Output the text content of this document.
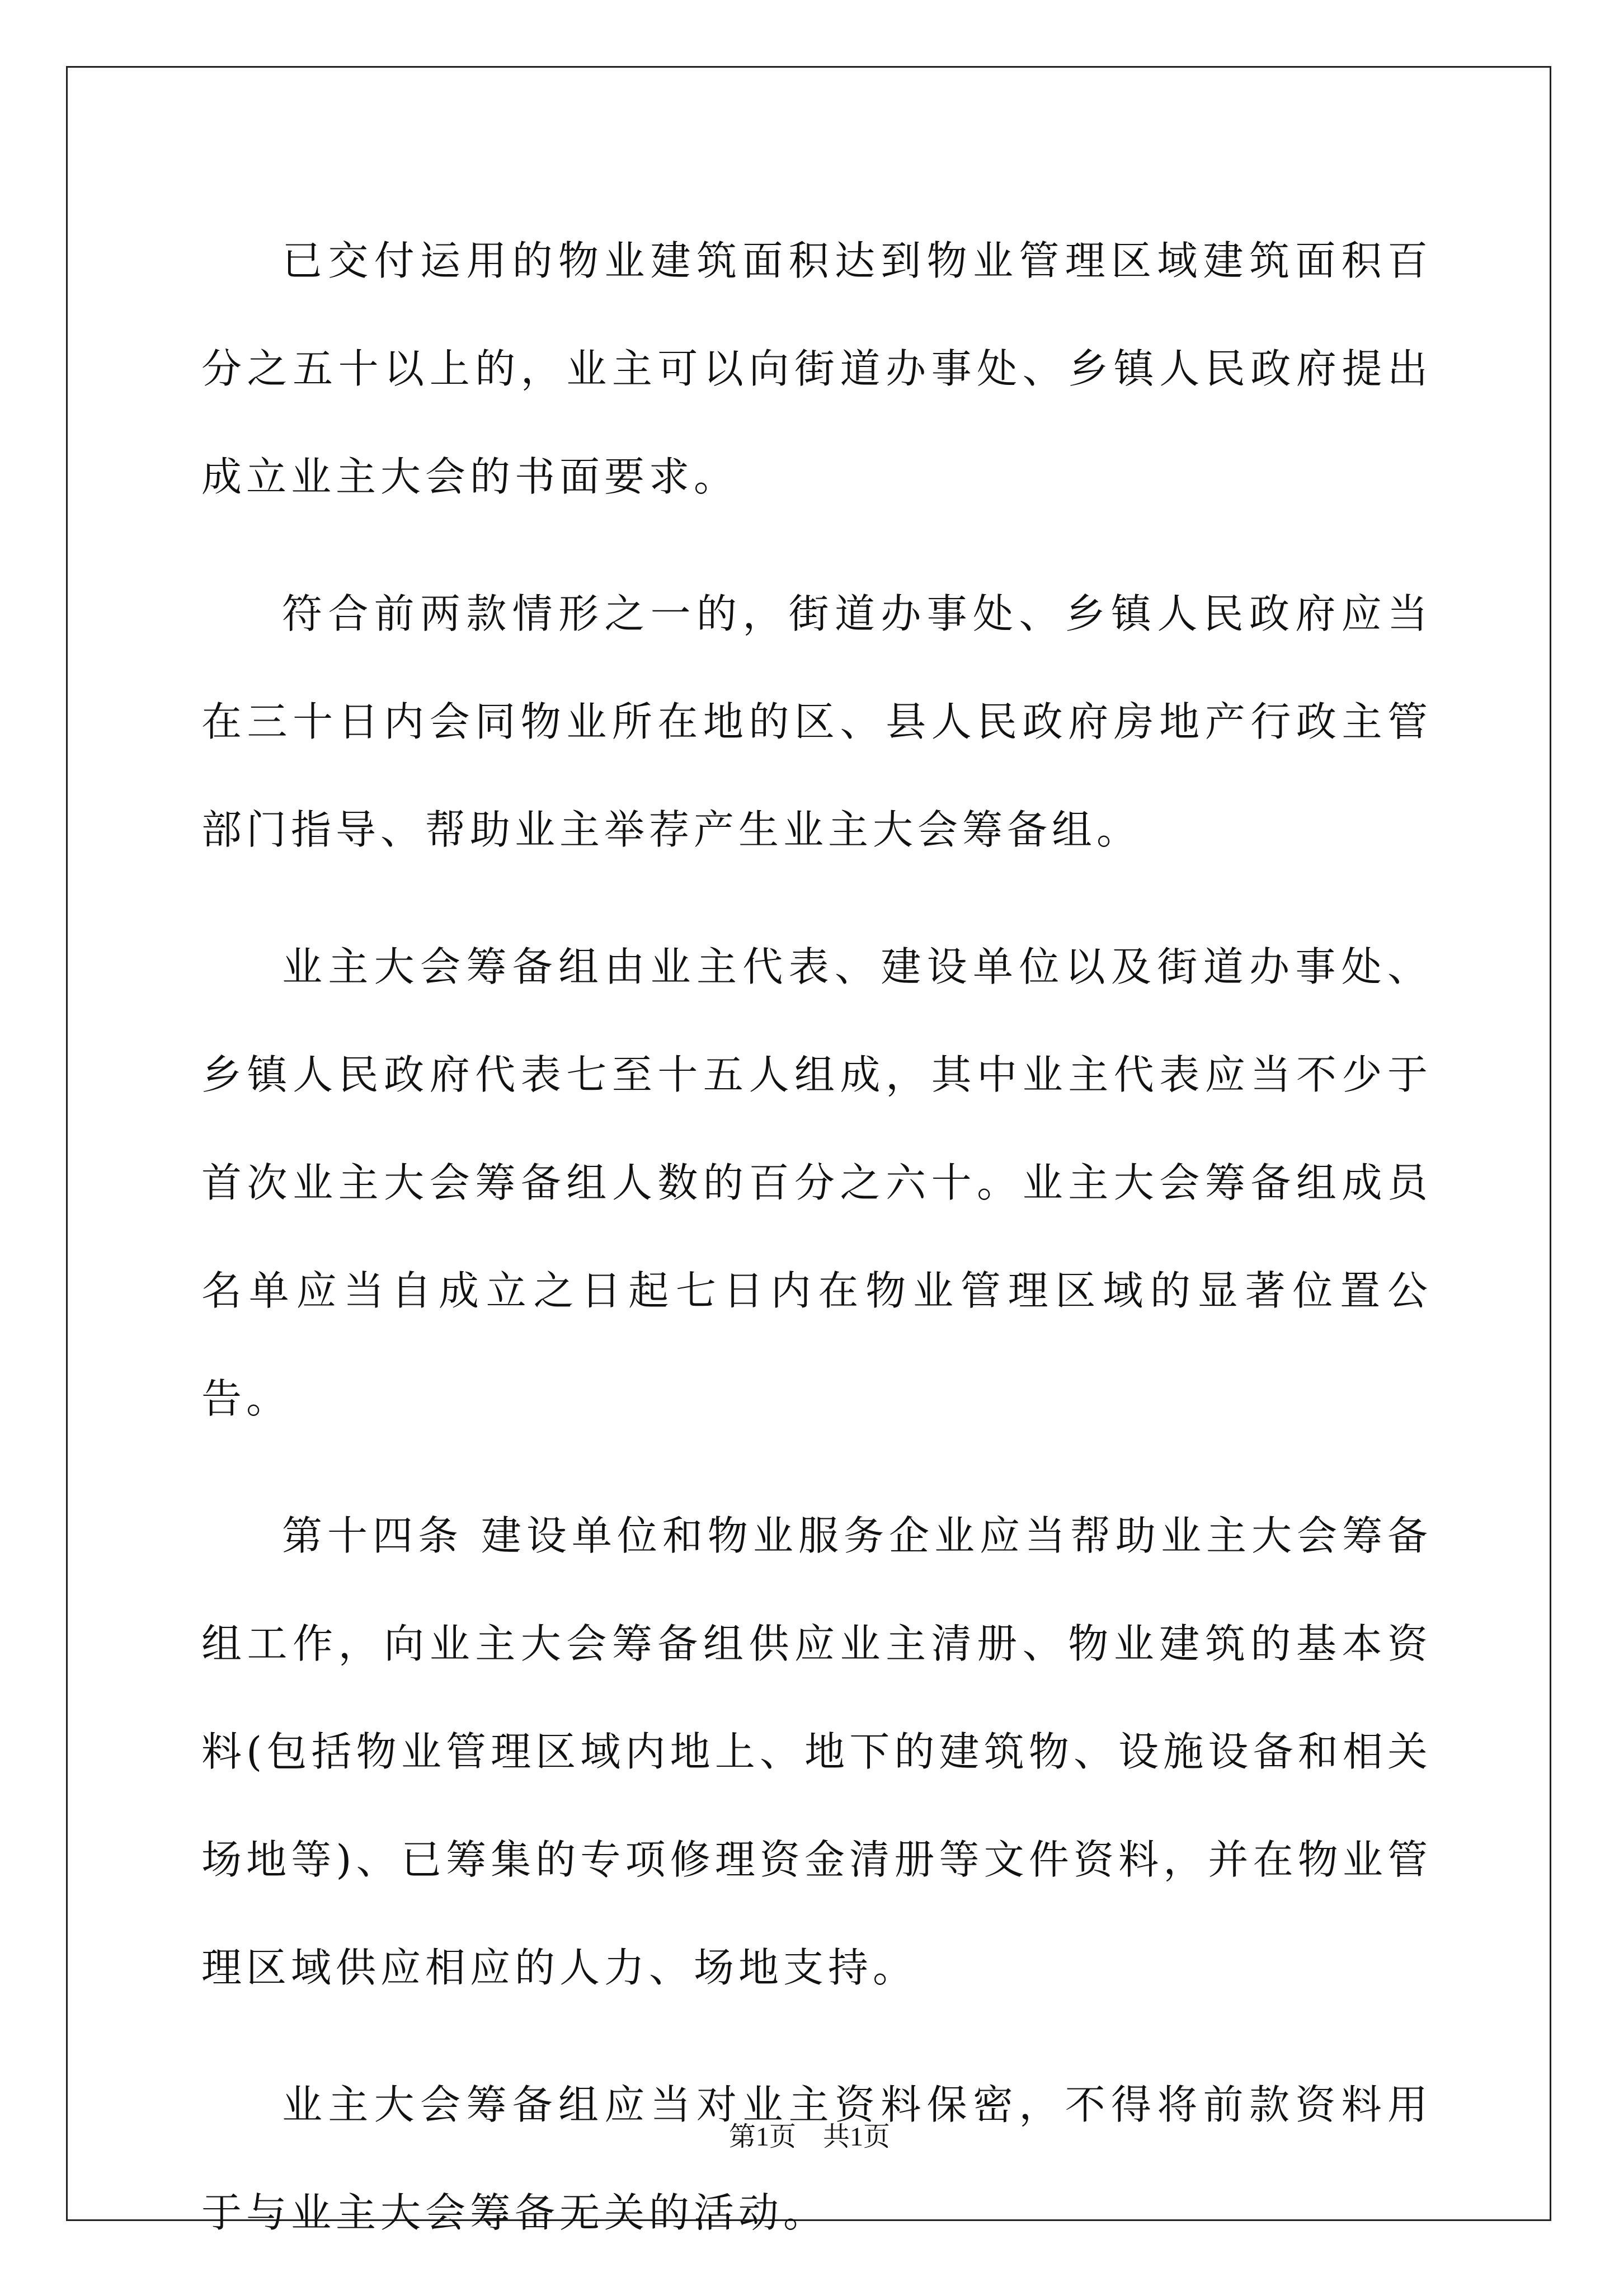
已交付运用的物业建筑面积达到物业管理区域建筑面积百分之五十以上的，业主可以向街道办事处、乡镇人民政府提出成立业主大会的书面要求。

符合前两款情形之一的，街道办事处、乡镇人民政府应当在三十日内会同物业所在地的区、县人民政府房地产行政主管部门指导、帮助业主举荐产生业主大会筹备组。

业主大会筹备组由业主代表、建设单位以及街道办事处、乡镇人民政府代表七至十五人组成，其中业主代表应当不少于首次业主大会筹备组人数的百分之六十。业主大会筹备组成员名单应当自成立之日起七日内在物业管理区域的显著位置公告。

第十四条 建设单位和物业服务企业应当帮助业主大会筹备组工作，向业主大会筹备组供应业主清册、物业建筑的基本资料(包括物业管理区域内地上、地下的建筑物、设施设备和相关场地等)、已筹集的专项修理资金清册等文件资料，并在物业管理区域供应相应的人力、场地支持。

业主大会筹备组应当对业主资料保密，不得将前款资料用于与业主大会筹备无关的活动。

第1页　共1页
